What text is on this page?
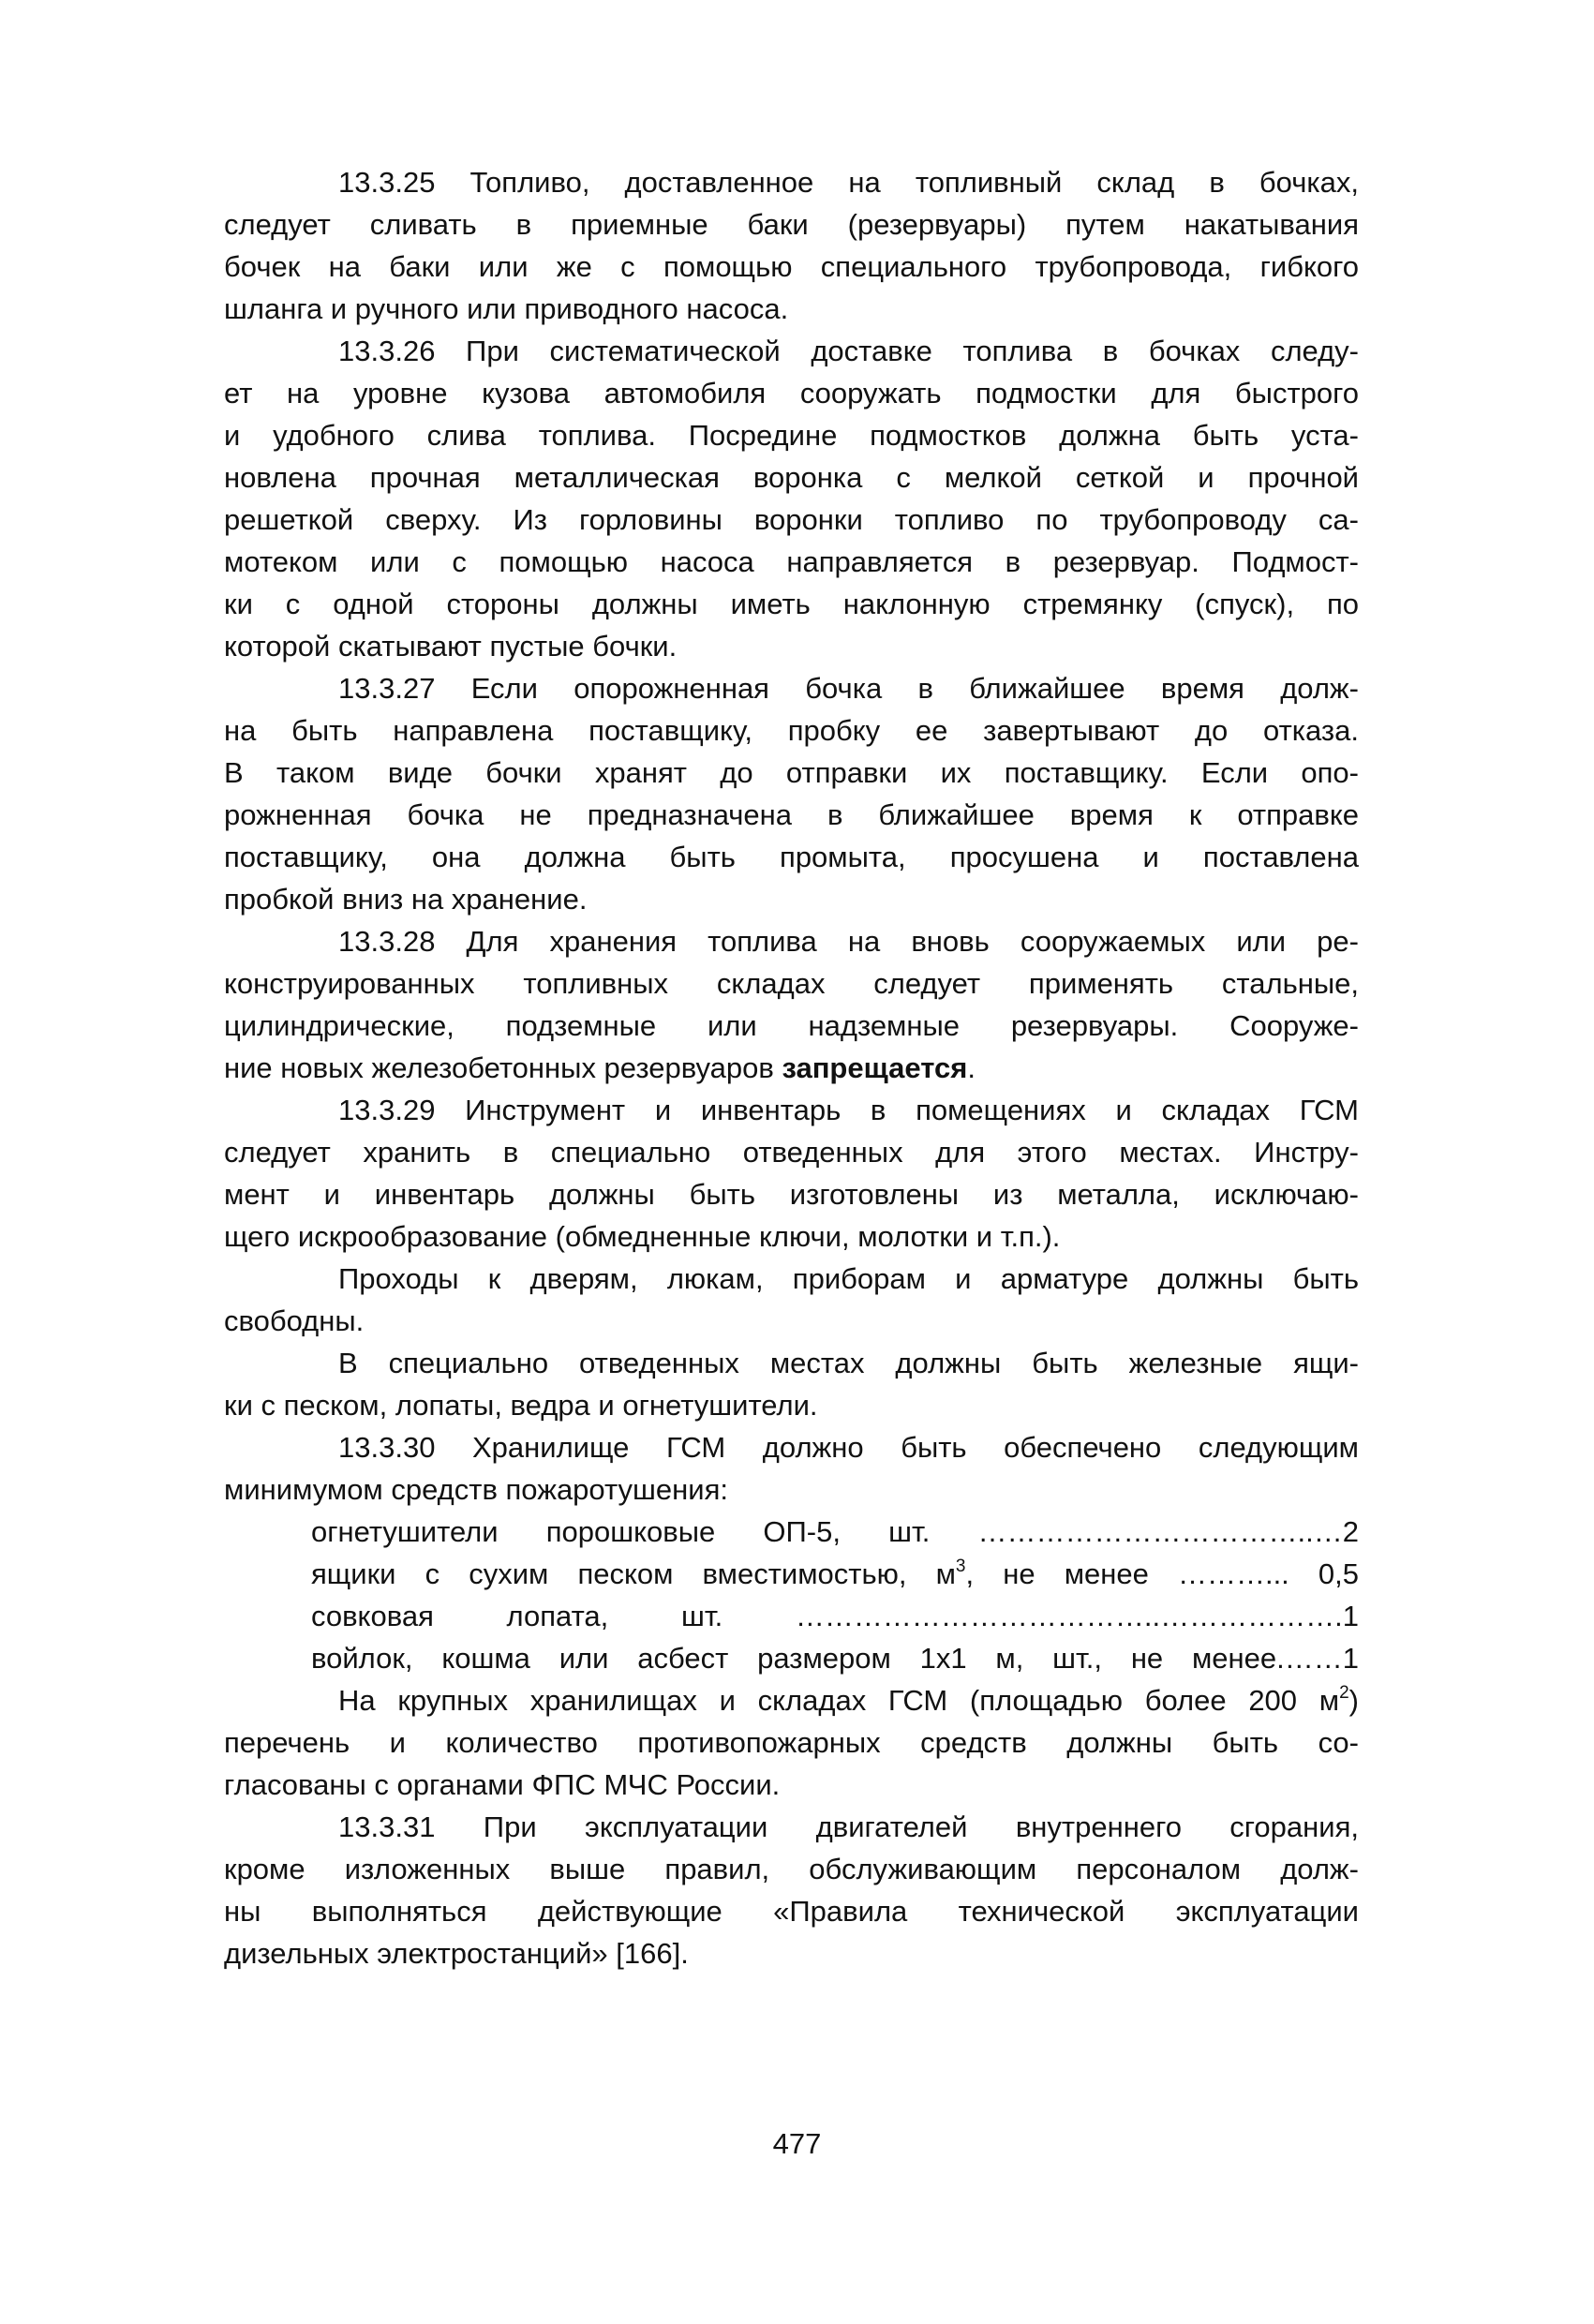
13.3.25 Топливо, доставленное на топливный склад в бочках,
следует сливать в приемные баки (резервуары) путем накатывания
бочек на баки или же с помощью специального трубопровода, гибкого
шланга и ручного или приводного насоса.
13.3.26 При систематической доставке топлива в бочках следу-
ет на уровне кузова автомобиля сооружать подмостки для быстрого
и удобного слива топлива. Посредине подмостков должна быть уста-
новлена прочная металлическая воронка с мелкой сеткой и прочной
решеткой сверху. Из горловины воронки топливо по трубопроводу са-
мотеком или с помощью насоса направляется в резервуар. Подмост-
ки с одной стороны должны иметь наклонную стремянку (спуск), по
которой скатывают пустые бочки.
13.3.27 Если опорожненная бочка в ближайшее время долж-
на быть направлена поставщику, пробку ее завертывают до отказа.
В таком виде бочки хранят до отправки их поставщику. Если опо-
рожненная бочка не предназначена в ближайшее время к отправке
поставщику, она должна быть промыта, просушена и поставлена
пробкой вниз на хранение.
13.3.28 Для хранения топлива на вновь сооружаемых или ре-
конструированных топливных складах следует применять стальные,
цилиндрические, подземные или надземные резервуары. Сооруже-
ние новых железобетонных резервуаров запрещается.
13.3.29 Инструмент и инвентарь в помещениях и складах ГСМ
следует хранить в специально отведенных для этого местах. Инстру-
мент и инвентарь должны быть изготовлены из металла, исключаю-
щего искрообразование (обмедненные ключи, молотки и т.п.).
Проходы к дверям, люкам, приборам и арматуре должны быть
свободны.
В специально отведенных местах должны быть железные ящи-
ки с песком, лопаты, ведра и огнетушители.
13.3.30 Хранилище ГСМ должно быть обеспечено следующим
минимумом средств пожаротушения:
огнетушители порошковые ОП-5, шт. ……………………………..…2
ящики с сухим песком вместимостью, $м^3$, не менее ………... 0,5
совковая лопата, шт. ………………………………..……………….1
войлок, кошма или асбест размером 1х1 м, шт., не менее.……1
На крупных хранилищах и складах ГСМ (площадью более 200 $м^2$)
перечень и количество противопожарных средств должны быть со-
гласованы с органами ФПС МЧС России.
13.3.31 При эксплуатации двигателей внутреннего сгорания,
кроме изложенных выше правил, обслуживающим персоналом долж-
ны выполняться действующие «Правила технической эксплуатации
дизельных электростанций» [166].
477
